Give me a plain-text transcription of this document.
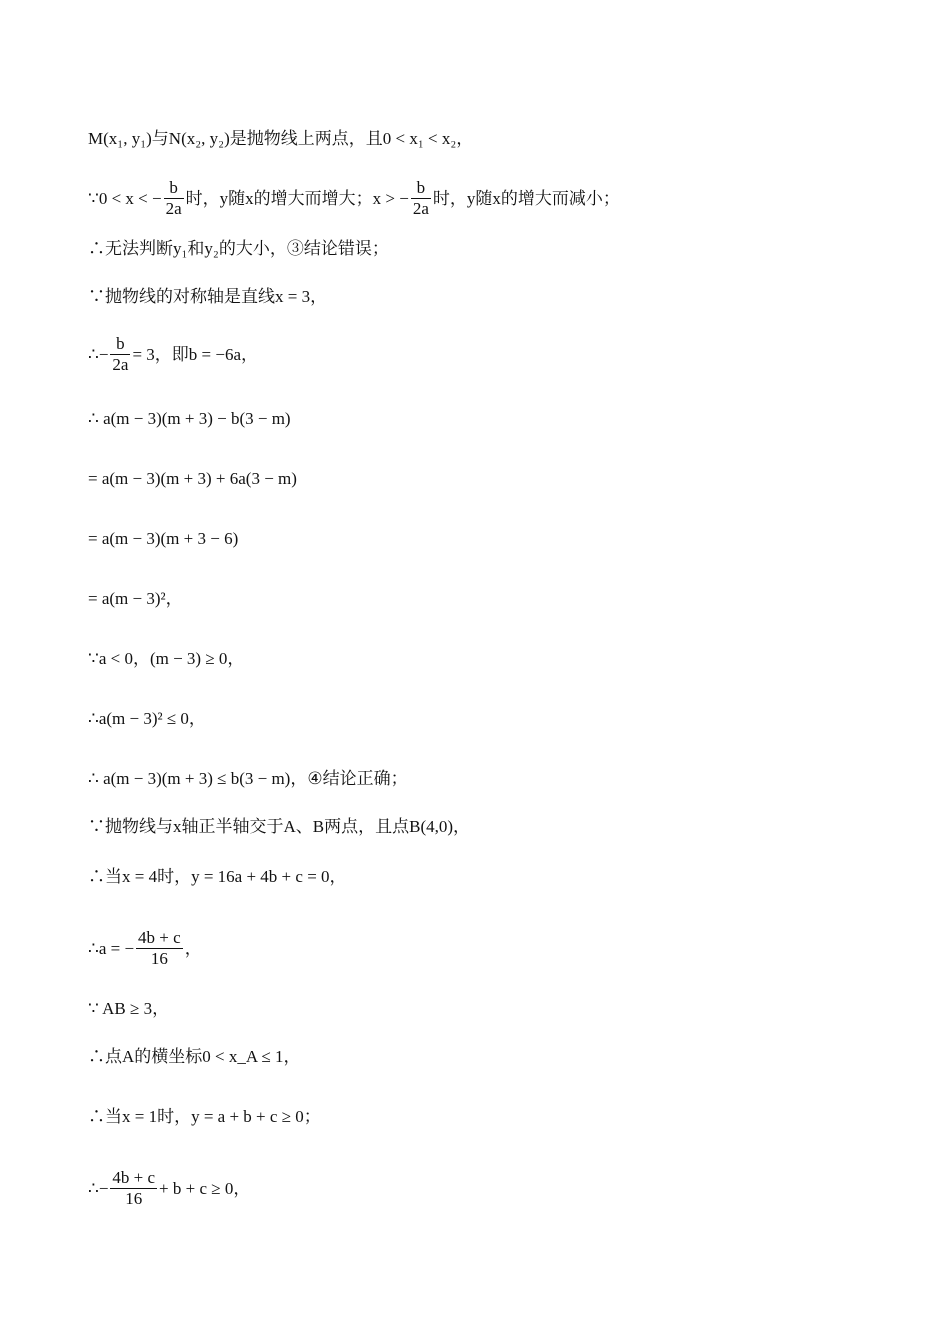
M(x₁, y₁)与N(x₂, y₂)是抛物线上两点，且0 < x₁ < x₂，
∵0 < x < − $\frac{b}{2a}$ 时，y随x的增大而增大；x > − $\frac{b}{2a}$ 时，y随x的增大而减小；
∴无法判断y₁和y₂的大小，③结论错误；
∵抛物线的对称轴是直线x = 3，
∴− $\frac{b}{2a} = 3$，即b = −6a，
∴ a(m − 3)(m + 3) − b(3 − m)
= a(m − 3)(m + 3) + 6a(3 − m)
= a(m − 3)(m + 3 − 6)
= a(m − 3)²，
∵a < 0，(m − 3) ≥ 0，
∴a(m − 3)² ≤ 0，
∴ a(m − 3)(m + 3) ≤ b(3 − m)，④结论正确；
∵抛物线与x轴正半轴交于A、B两点，且点B(4,0)，
∴当x = 4时，y = 16a + 4b + c = 0，
∴a = − $\frac{4b + c}{16}$ ，
∵ AB ≥ 3，
∴点A的横坐标0 < x_A ≤ 1，
∴当x = 1时，y = a + b + c ≥ 0；
∴− $\frac{4b + c}{16} + b + c \ge 0$，
